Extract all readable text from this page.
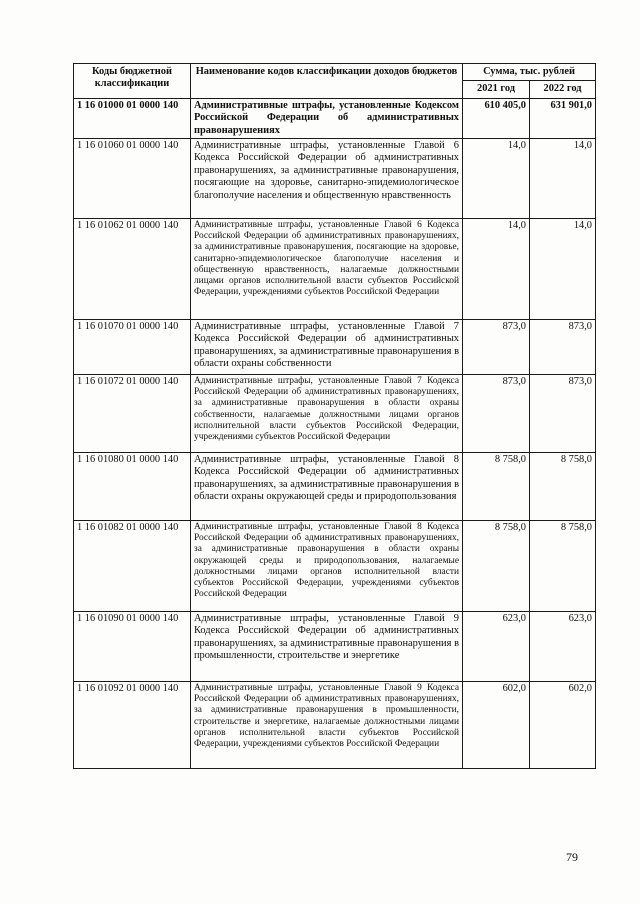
Коды бюджетной классификации	Наименование кодов классификации доходов бюджетов	Сумма, тыс. рублей	
		2021 год	2022 год
1 16 01000 01 0000 140	Административные штрафы, установленные Кодексом Российской Федерации об административных правонарушениях	610 405,0	631 901,0
1 16 01060 01 0000 140	Административные штрафы, установленные Главой 6 Кодекса Российской Федерации об административных правонарушениях, за административные правонарушения, посягающие на здоровье, санитарно-эпидемиологическое благополучие населения и общественную нравственность	14,0	14,0
1 16 01062 01 0000 140	Административные штрафы, установленные Главой 6 Кодекса Российской Федерации об административных правонарушениях, за административные правонарушения, посягающие на здоровье, санитарно-эпидемиологическое благополучие населения и общественную нравственность, налагаемые должностными лицами органов исполнительной власти субъектов Российской Федерации, учреждениями субъектов Российской Федерации	14,0	14,0
1 16 01070 01 0000 140	Административные штрафы, установленные Главой 7 Кодекса Российской Федерации об административных правонарушениях, за административные правонарушения в области охраны собственности	873,0	873,0
1 16 01072 01 0000 140	Административные штрафы, установленные Главой 7 Кодекса Российской Федерации об административных правонарушениях, за административные правонарушения в области охраны собственности, налагаемые должностными лицами органов исполнительной власти субъектов Российской Федерации, учреждениями субъектов Российской Федерации	873,0	873,0
1 16 01080 01 0000 140	Административные штрафы, установленные Главой 8 Кодекса Российской Федерации об административных правонарушениях, за административные правонарушения в области охраны окружающей среды и природопользования	8 758,0	8 758,0
1 16 01082 01 0000 140	Административные штрафы, установленные Главой 8 Кодекса Российской Федерации об административных правонарушениях, за административные правонарушения в области охраны окружающей среды и природопользования, налагаемые должностными лицами органов исполнительной власти субъектов Российской Федерации, учреждениями субъектов Российской Федерации	8 758,0	8 758,0
1 16 01090 01 0000 140	Административные штрафы, установленные Главой 9 Кодекса Российской Федерации об административных правонарушениях, за административные правонарушения в промышленности, строительстве и энергетике	623,0	623,0
1 16 01092 01 0000 140	Административные штрафы, установленные Главой 9 Кодекса Российской Федерации об административных правонарушениях, за административные правонарушения в промышленности, строительстве и энергетике, налагаемые должностными лицами органов исполнительной власти субъектов Российской Федерации, учреждениями субъектов Российской Федерации	602,0	602,0
79
